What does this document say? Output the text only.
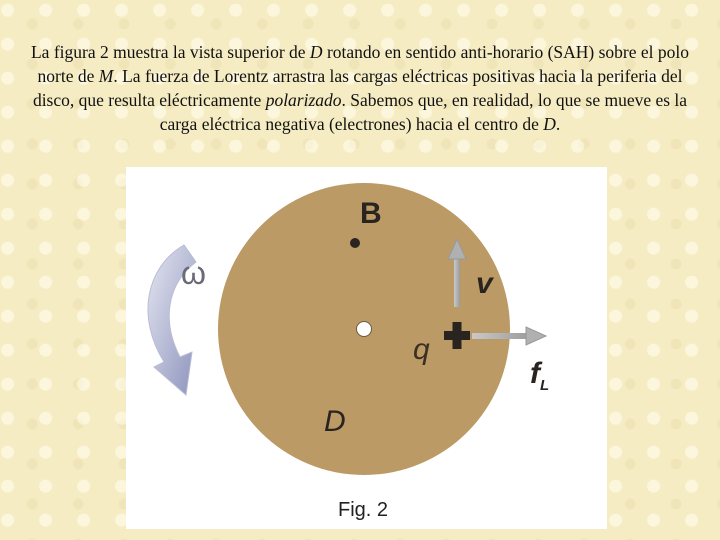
La figura 2 muestra la vista superior de D rotando en sentido anti-horario (SAH) sobre el polo norte de M. La fuerza de Lorentz arrastra las cargas eléctricas positivas hacia la periferia del disco, que resulta eléctricamente polarizado. Sabemos que, en realidad, lo que se mueve es la carga eléctrica negativa (electrones) hacia el centro de D.
B
v
q
D
ω
$f_L$
Fig. 2
